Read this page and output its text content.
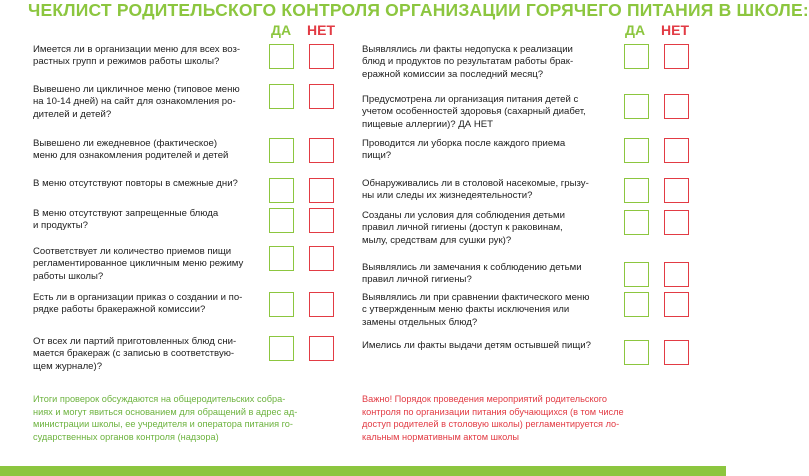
ЧЕКЛИСТ РОДИТЕЛЬСКОГО КОНТРОЛЯ ОРГАНИЗАЦИИ ГОРЯЧЕГО ПИТАНИЯ В ШКОЛЕ:
ДА НЕТ
Имеется ли в организации меню для всех воз-
растных групп и режимов работы школы?
Вывешено ли цикличное меню (типовое меню
на 10-14 дней) на сайт для ознакомления ро-
дителей и детей?
Вывешено ли ежедневное (фактическое)
меню для ознакомления родителей и детей
В меню отсутствуют повторы в смежные дни?
В меню отсутствуют запрещенные блюда
и продукты?
Соответствует ли количество приемов пищи
регламентированное цикличным меню режиму
работы школы?
Есть ли в организации приказ о создании и по-
рядке работы бракеражной комиссии?
От всех ли партий приготовленных блюд сни-
мается бракераж (с записью в соответствую-
щем журнале)?
ДА НЕТ
Выявлялись ли факты недопуска к реализации
блюд и продуктов по результатам работы брак-
еражной комиссии за последний месяц?
Предусмотрена ли организация питания детей с
учетом особенностей здоровья (сахарный диабет,
пищевые аллергии)? ДА НЕТ
Проводится ли уборка после каждого приема
пищи?
Обнаруживались ли в столовой насекомые, грызу-
ны или следы их жизнедеятельности?
Созданы ли условия для соблюдения детьми
правил личной гигиены (доступ к раковинам,
мылу, средствам для сушки рук)?
Выявлялись ли замечания к соблюдению детьми
правил личной гигиены?
Выявлялись ли при сравнении фактического меню
с утвержденным меню факты исключения или
замены отдельных блюд?
Имелись ли факты выдачи детям остывшей пищи?
Итоги проверок обсуждаются на общеродительских собра-
ниях и могут явиться основанием для обращений в адрес ад-
министрации школы, ее учредителя и оператора питания го-
сударственных органов контроля (надзора)
Важно! Порядок проведения мероприятий родительского
контроля по организации питания обучающихся (в том числе
доступ родителей в столовую школы) регламентируется ло-
кальным нормативным актом школы
